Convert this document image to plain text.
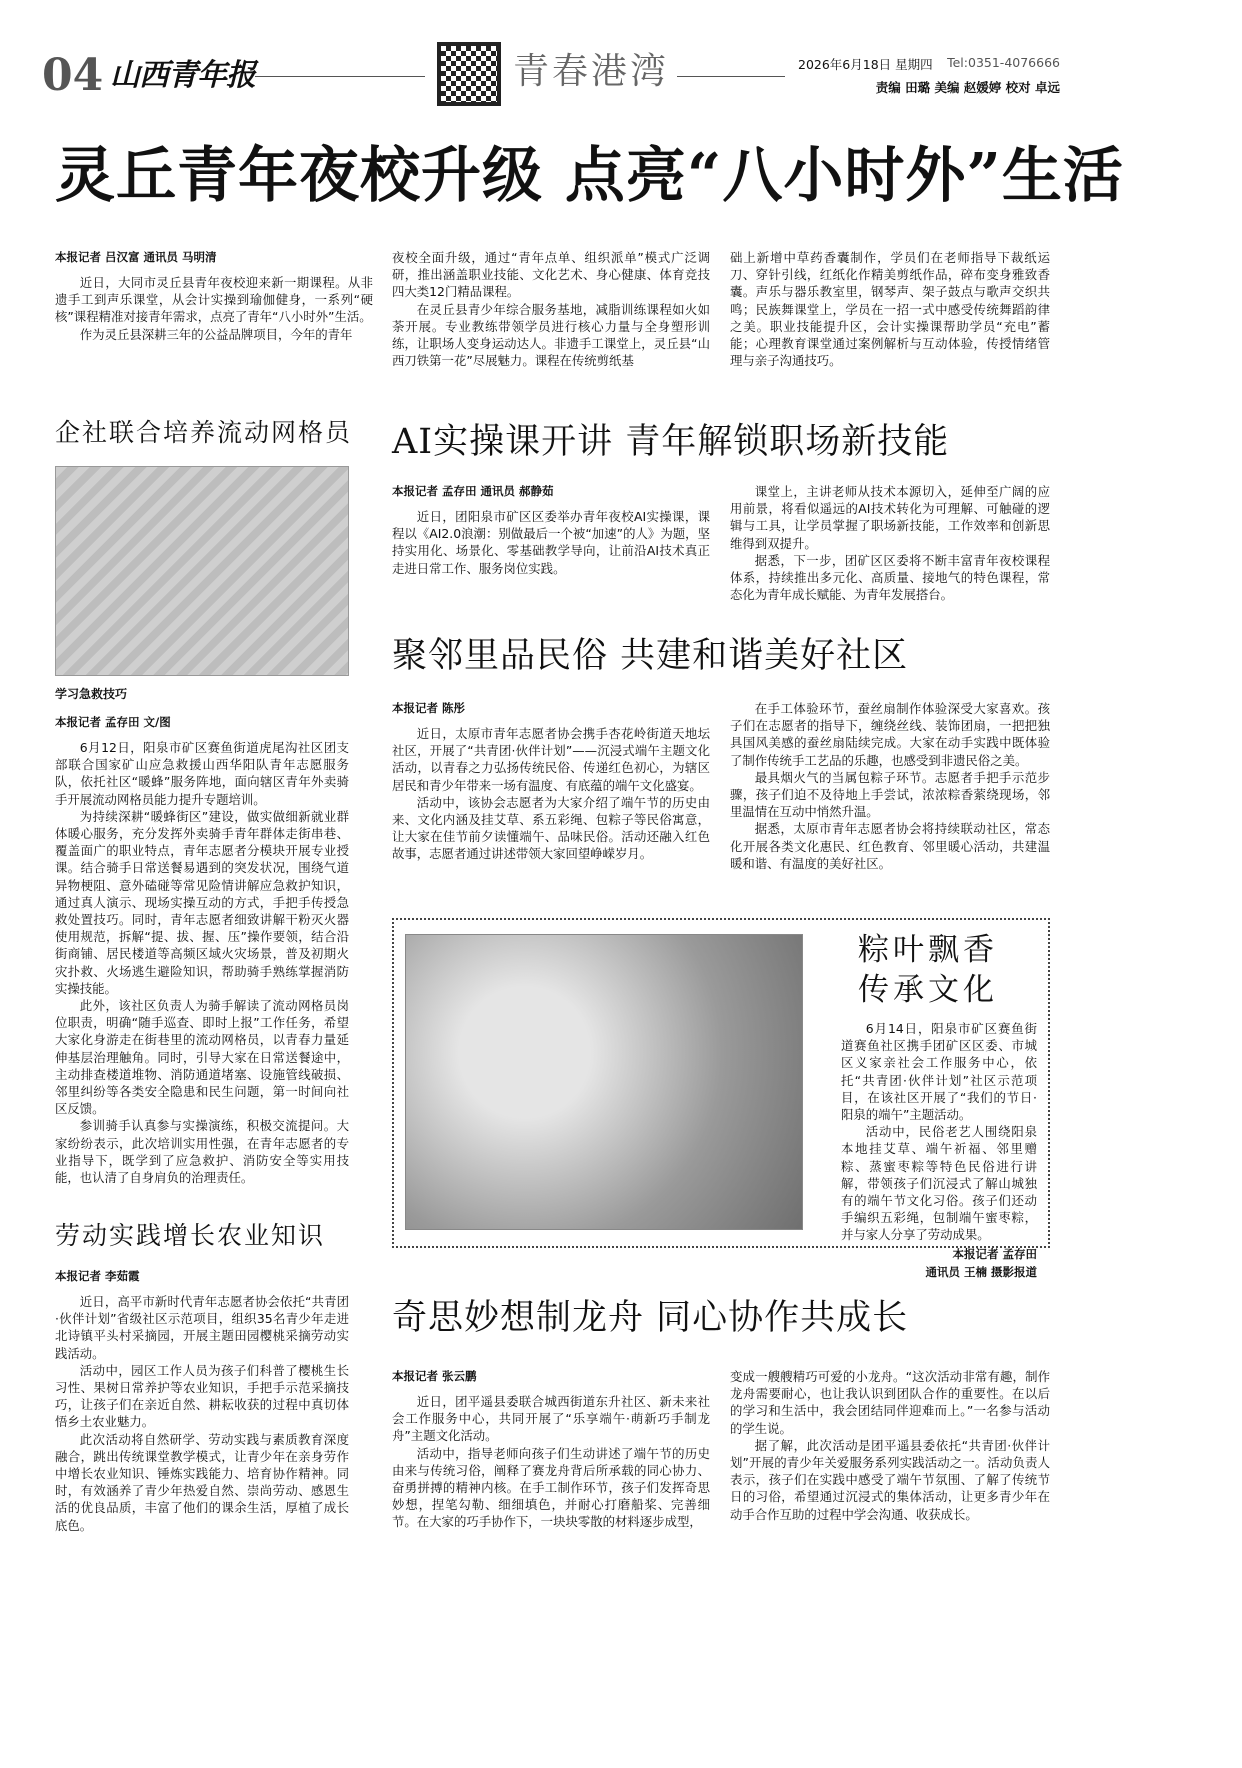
04 山西青年报	青春港湾	2026年6月18日 星期四 Tel:0351-4076666
责编 田璐 美编 赵媛婷 校对 卓远
灵丘青年夜校升级 点亮“八小时外”生活
本报记者 吕汉富 通讯员 马明清

近日，大同市灵丘县青年夜校迎来新一期课程。从非遗手工到声乐课堂，从会计实操到瑜伽健身，一系列“硬核”课程精准对接青年需求，点亮了青年“八小时外”生活。

作为灵丘县深耕三年的公益品牌项目，今年的青年

夜校全面升级，通过“青年点单、组织派单”模式广泛调研，推出涵盖职业技能、文化艺术、身心健康、体育竞技四大类12门精品课程。

在灵丘县青少年综合服务基地，减脂训练课程如火如荼开展。专业教练带领学员进行核心力量与全身塑形训练，让职场人变身运动达人。非遗手工课堂上，灵丘县“山西刀铁第一花”尽展魅力。课程在传统剪纸基

础上新增中草药香囊制作，学员们在老师指导下裁纸运刀、穿针引线，红纸化作精美剪纸作品，碎布变身雅致香囊。声乐与器乐教室里，钢琴声、架子鼓点与歌声交织共鸣；民族舞课堂上，学员在一招一式中感受传统舞蹈韵律之美。职业技能提升区，会计实操课帮助学员“充电”蓄能；心理教育课堂通过案例解析与互动体验，传授情绪管理与亲子沟通技巧。

企社联合培养流动网格员
学习急救技巧
本报记者 孟存田 文/图

6月12日，阳泉市矿区赛鱼街道虎尾沟社区团支部联合国家矿山应急救援山西华阳队青年志愿服务队，依托社区“暖蜂”服务阵地，面向辖区青年外卖骑手开展流动网格员能力提升专题培训。

为持续深耕“暖蜂街区”建设，做实做细新就业群体暖心服务，充分发挥外卖骑手青年群体走街串巷、覆盖面广的职业特点，青年志愿者分模块开展专业授课。结合骑手日常送餐易遇到的突发状况，围绕气道异物梗阻、意外磕碰等常见险情讲解应急救护知识，通过真人演示、现场实操互动的方式，手把手传授急救处置技巧。同时，青年志愿者细致讲解干粉灭火器使用规范，拆解“提、拔、握、压”操作要领，结合沿街商铺、居民楼道等高频区域火灾场景，普及初期火灾扑救、火场逃生避险知识，帮助骑手熟练掌握消防实操技能。

此外，该社区负责人为骑手解读了流动网格员岗位职责，明确“随手巡查、即时上报”工作任务，希望大家化身游走在街巷里的流动网格员，以青春力量延伸基层治理触角。同时，引导大家在日常送餐途中，主动排查楼道堆物、消防通道堵塞、设施管线破损、邻里纠纷等各类安全隐患和民生问题，第一时间向社区反馈。

参训骑手认真参与实操演练，积极交流提问。大家纷纷表示，此次培训实用性强，在青年志愿者的专业指导下，既学到了应急救护、消防安全等实用技能，也认清了自身肩负的治理责任。

劳动实践增长农业知识
本报记者 李茹霞

近日，高平市新时代青年志愿者协会依托“共青团·伙伴计划”省级社区示范项目，组织35名青少年走进北诗镇平头村采摘园，开展主题田园樱桃采摘劳动实践活动。

活动中，园区工作人员为孩子们科普了樱桃生长习性、果树日常养护等农业知识，手把手示范采摘技巧，让孩子们在亲近自然、耕耘收获的过程中真切体悟乡土农业魅力。

此次活动将自然研学、劳动实践与素质教育深度融合，跳出传统课堂教学模式，让青少年在亲身劳作中增长农业知识、锤炼实践能力、培育协作精神。同时，有效涵养了青少年热爱自然、崇尚劳动、感恩生活的优良品质，丰富了他们的课余生活，厚植了成长底色。

AI实操课开讲 青年解锁职场新技能
本报记者 孟存田 通讯员 郝静茹

近日，团阳泉市矿区区委举办青年夜校AI实操课，课程以《AI2.0浪潮：别做最后一个被“加速”的人》为题，坚持实用化、场景化、零基础教学导向，让前沿AI技术真正走进日常工作、服务岗位实践。

课堂上，主讲老师从技术本源切入，延伸至广阔的应用前景，将看似遥远的AI技术转化为可理解、可触碰的逻辑与工具，让学员掌握了职场新技能，工作效率和创新思维得到双提升。

据悉，下一步，团矿区区委将不断丰富青年夜校课程体系，持续推出多元化、高质量、接地气的特色课程，常态化为青年成长赋能、为青年发展搭台。

聚邻里品民俗 共建和谐美好社区
本报记者 陈彤

近日，太原市青年志愿者协会携手杏花岭街道天地坛社区，开展了“共青团·伙伴计划”——沉浸式端午主题文化活动，以青春之力弘扬传统民俗、传递红色初心，为辖区居民和青少年带来一场有温度、有底蕴的端午文化盛宴。

活动中，该协会志愿者为大家介绍了端午节的历史由来、文化内涵及挂艾草、系五彩绳、包粽子等民俗寓意，让大家在佳节前夕读懂端午、品味民俗。活动还融入红色故事，志愿者通过讲述带领大家回望峥嵘岁月。

在手工体验环节，蚕丝扇制作体验深受大家喜欢。孩子们在志愿者的指导下，缠绕丝线、装饰团扇，一把把独具国风美感的蚕丝扇陆续完成。大家在动手实践中既体验了制作传统手工艺品的乐趣，也感受到非遗民俗之美。

最具烟火气的当属包粽子环节。志愿者手把手示范步骤，孩子们迫不及待地上手尝试，浓浓粽香萦绕现场，邻里温情在互动中悄然升温。

据悉，太原市青年志愿者协会将持续联动社区，常态化开展各类文化惠民、红色教育、邻里暖心活动，共建温暖和谐、有温度的美好社区。

粽叶飘香
传承文化

6月14日，阳泉市矿区赛鱼街道赛鱼社区携手团矿区区委、市城区义家亲社会工作服务中心，依托“共青团·伙伴计划”社区示范项目，在该社区开展了“我们的节日·阳泉的端午”主题活动。

活动中，民俗老艺人围绕阳泉本地挂艾草、端午祈福、邻里赠粽、蒸蜜枣粽等特色民俗进行讲解，带领孩子们沉浸式了解山城独有的端午节文化习俗。孩子们还动手编织五彩绳，包制端午蜜枣粽，并与家人分享了劳动成果。

本报记者 孟存田
通讯员 王楠 摄影报道
奇思妙想制龙舟 同心协作共成长
本报记者 张云鹏

近日，团平遥县委联合城西街道东升社区、新未来社会工作服务中心，共同开展了“乐享端午·萌新巧手制龙舟”主题文化活动。

活动中，指导老师向孩子们生动讲述了端午节的历史由来与传统习俗，阐释了赛龙舟背后所承载的同心协力、奋勇拼搏的精神内核。在手工制作环节，孩子们发挥奇思妙想，捏笔勾勒、细细填色，并耐心打磨船桨、完善细节。在大家的巧手协作下，一块块零散的材料逐步成型，

变成一艘艘精巧可爱的小龙舟。“这次活动非常有趣，制作龙舟需要耐心，也让我认识到团队合作的重要性。在以后的学习和生活中，我会团结同伴迎难而上。”一名参与活动的学生说。

据了解，此次活动是团平遥县委依托“共青团·伙伴计划”开展的青少年关爱服务系列实践活动之一。活动负责人表示，孩子们在实践中感受了端午节氛围、了解了传统节日的习俗，希望通过沉浸式的集体活动，让更多青少年在动手合作互助的过程中学会沟通、收获成长。
